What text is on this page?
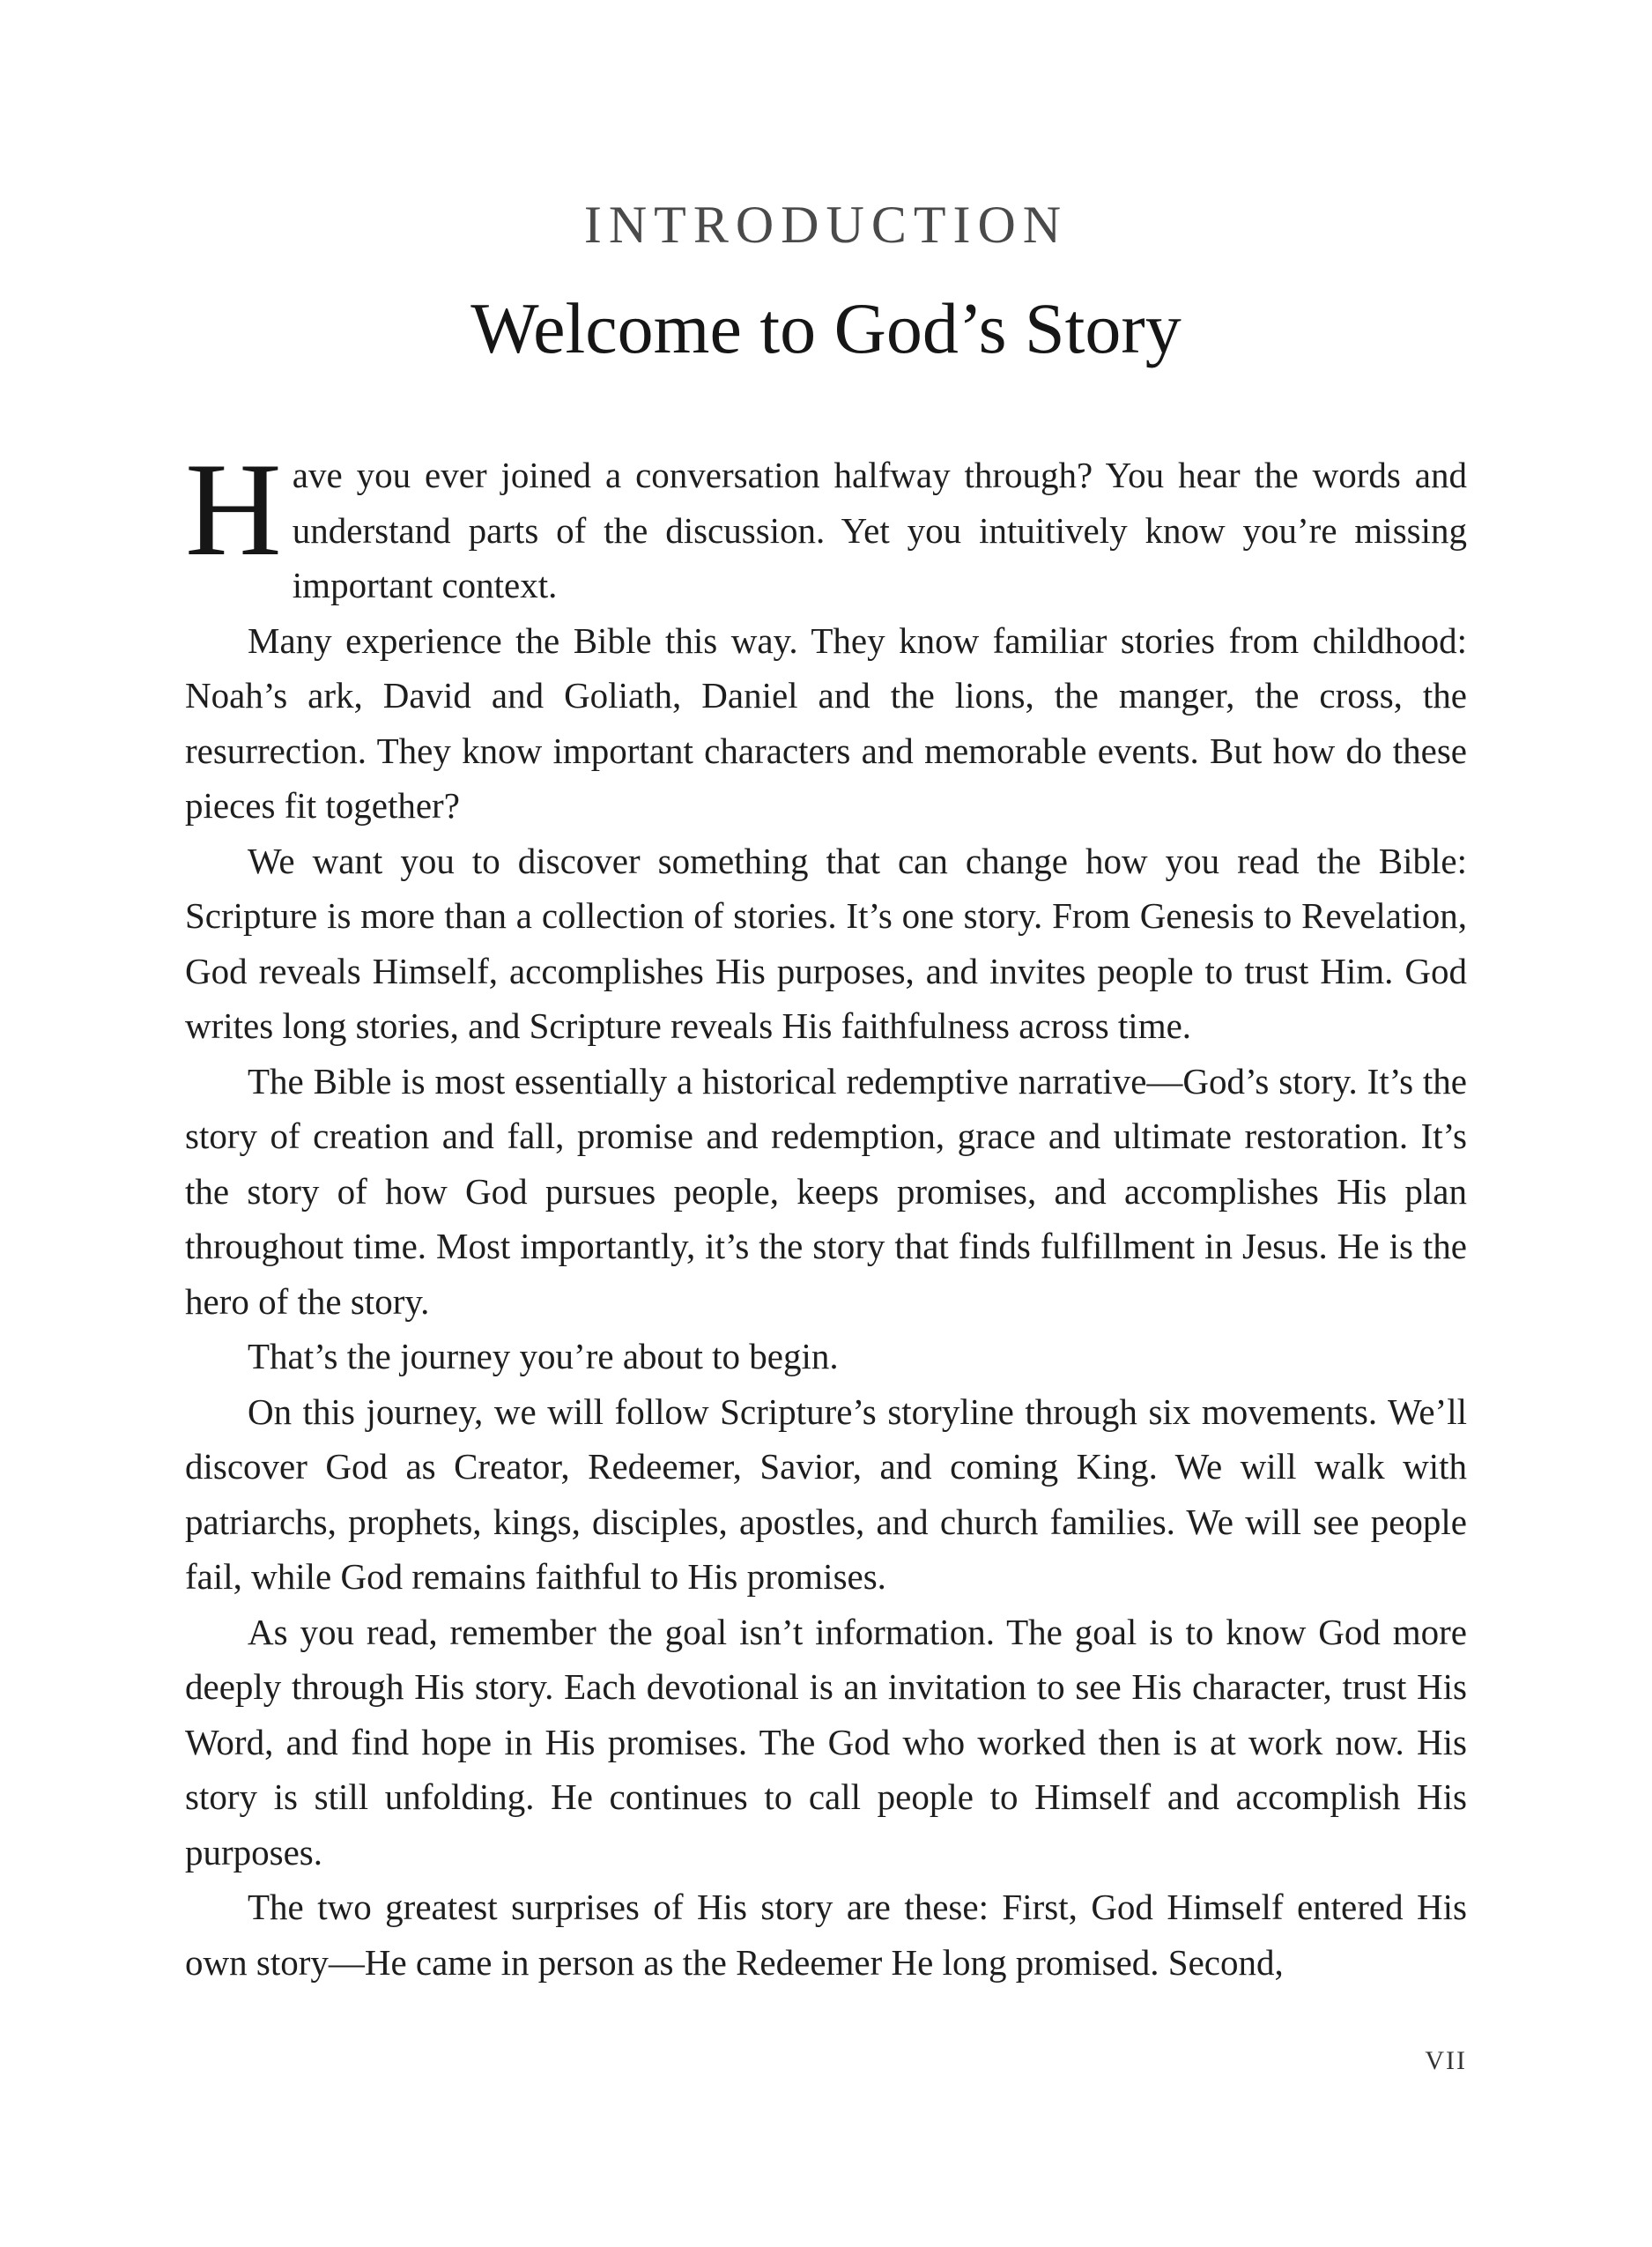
INTRODUCTION
Welcome to God’s Story

Have you ever joined a conversation halfway through? You hear the words and understand parts of the discussion. Yet you intuitively know you’re missing important context.

Many experience the Bible this way. They know familiar stories from childhood: Noah’s ark, David and Goliath, Daniel and the lions, the manger, the cross, the resurrection. They know important characters and memorable events. But how do these pieces fit together?

We want you to discover something that can change how you read the Bible: Scripture is more than a collection of stories. It’s one story. From Genesis to Revelation, God reveals Himself, accomplishes His purposes, and invites people to trust Him. God writes long stories, and Scripture reveals His faithfulness across time.

The Bible is most essentially a historical redemptive narrative—God’s story. It’s the story of creation and fall, promise and redemption, grace and ultimate restoration. It’s the story of how God pursues people, keeps promises, and accomplishes His plan throughout time. Most importantly, it’s the story that finds fulfillment in Jesus. He is the hero of the story.

That’s the journey you’re about to begin.

On this journey, we will follow Scripture’s storyline through six movements. We’ll discover God as Creator, Redeemer, Savior, and coming King. We will walk with patriarchs, prophets, kings, disciples, apostles, and church families. We will see people fail, while God remains faithful to His promises.

As you read, remember the goal isn’t information. The goal is to know God more deeply through His story. Each devotional is an invitation to see His character, trust His Word, and find hope in His promises. The God who worked then is at work now. His story is still unfolding. He continues to call people to Himself and accomplish His purposes.

The two greatest surprises of His story are these: First, God Himself entered His own story—He came in person as the Redeemer He long promised. Second,

VII
